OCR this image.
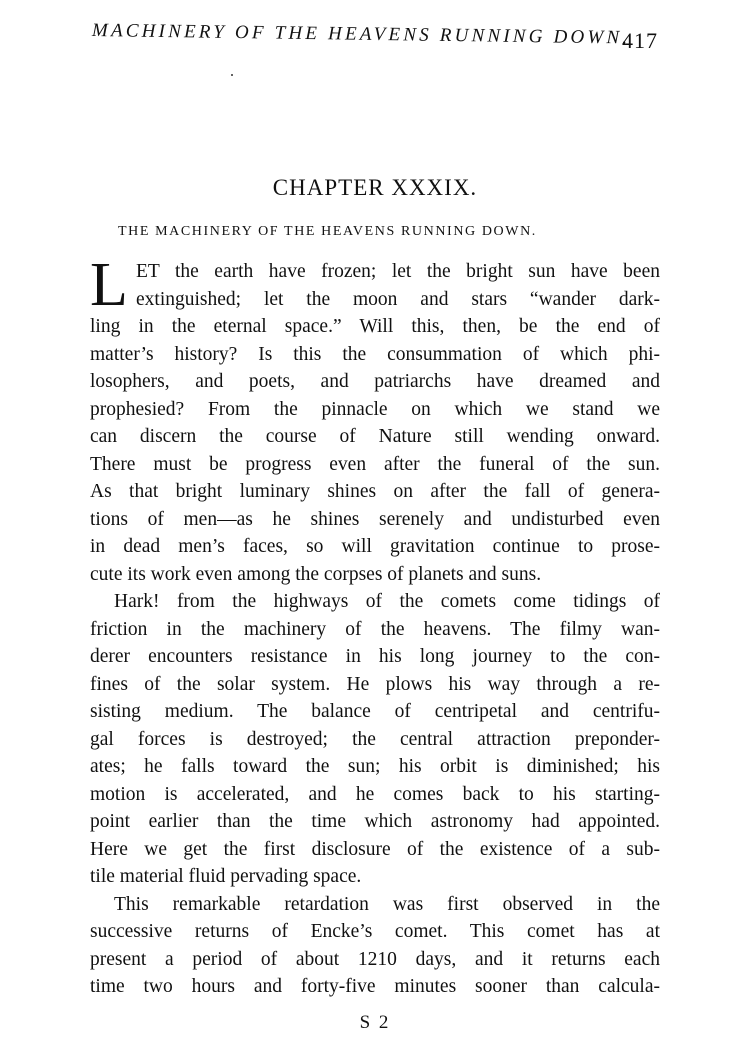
MACHINERY OF THE HEAVENS RUNNING DOWN.
417
CHAPTER XXXIX.
THE MACHINERY OF THE HEAVENS RUNNING DOWN.
L ET the earth have frozen; let the bright sun have been
extinguished; let the moon and stars “wander dark-
ling in the eternal space.” Will this, then, be the end of
matter’s history? Is this the consummation of which phi-
losophers, and poets, and patriarchs have dreamed and
prophesied? From the pinnacle on which we stand we
can discern the course of Nature still wending onward.
There must be progress even after the funeral of the sun.
As that bright luminary shines on after the fall of genera-
tions of men—as he shines serenely and undisturbed even
in dead men’s faces, so will gravitation continue to prose-
cute its work even among the corpses of planets and suns.
Hark! from the highways of the comets come tidings of
friction in the machinery of the heavens. The filmy wan-
derer encounters resistance in his long journey to the con-
fines of the solar system. He plows his way through a re-
sisting medium. The balance of centripetal and centrifu-
gal forces is destroyed; the central attraction preponder-
ates; he falls toward the sun; his orbit is diminished; his
motion is accelerated, and he comes back to his starting-
point earlier than the time which astronomy had appointed.
Here we get the first disclosure of the existence of a sub-
tile material fluid pervading space.
This remarkable retardation was first observed in the
successive returns of Encke’s comet. This comet has at
present a period of about 1210 days, and it returns each
time two hours and forty-five minutes sooner than calcula-
S 2
